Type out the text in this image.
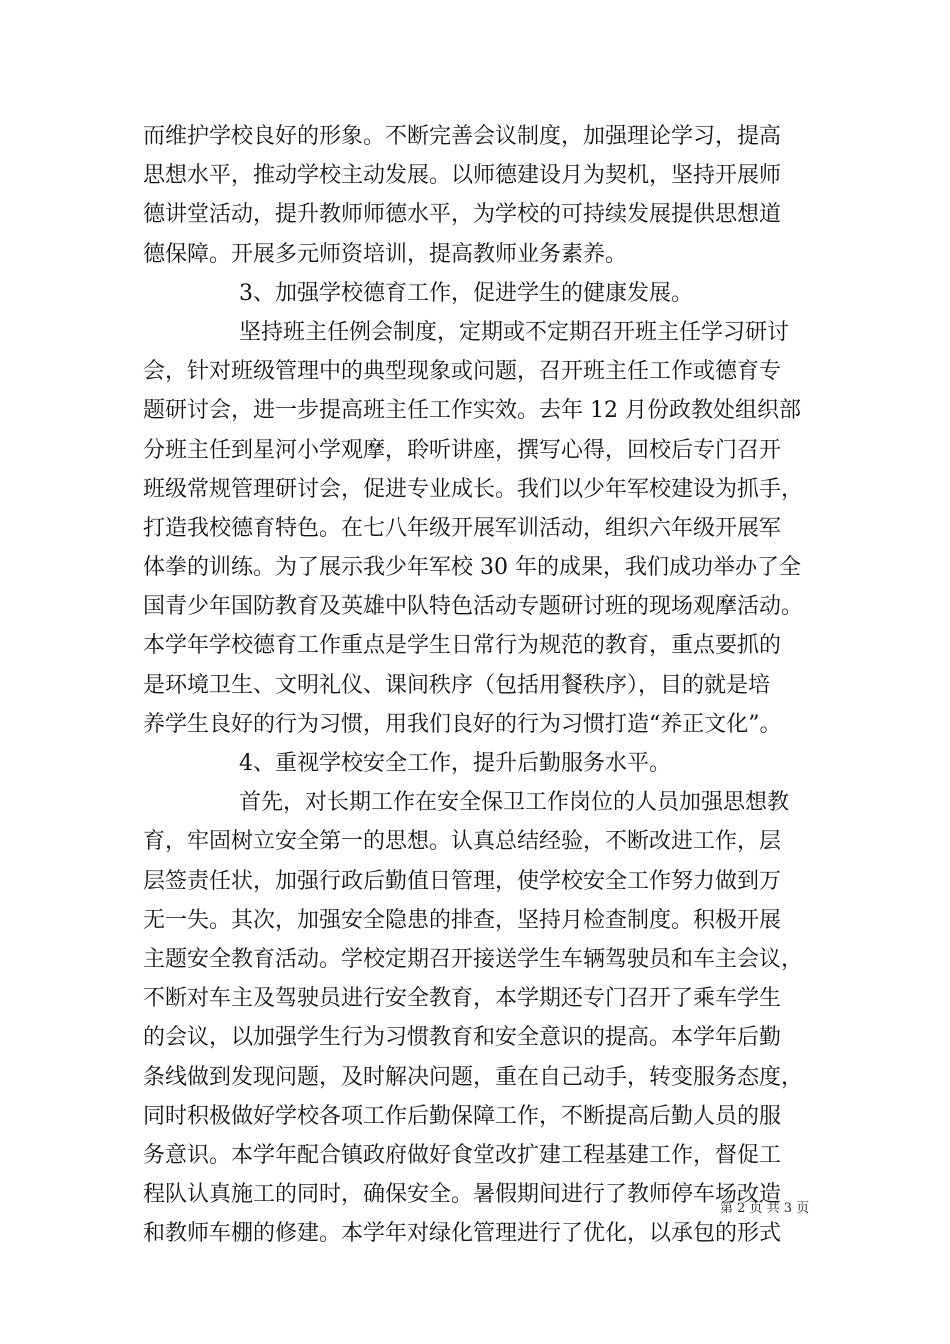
而维护学校良好的形象。不断完善会议制度，加强理论学习，提高
思想水平，推动学校主动发展。以师德建设月为契机，坚持开展师
德讲堂活动，提升教师师德水平，为学校的可持续发展提供思想道
德保障。开展多元师资培训，提高教师业务素养。
3、加强学校德育工作，促进学生的健康发展。
坚持班主任例会制度，定期或不定期召开班主任学习研讨
会，针对班级管理中的典型现象或问题，召开班主任工作或德育专
题研讨会，进一步提高班主任工作实效。去年 12 月份政教处组织部
分班主任到星河小学观摩，聆听讲座，撰写心得，回校后专门召开
班级常规管理研讨会，促进专业成长。我们以少年军校建设为抓手，
打造我校德育特色。在七八年级开展军训活动，组织六年级开展军
体拳的训练。为了展示我少年军校 30 年的成果，我们成功举办了全
国青少年国防教育及英雄中队特色活动专题研讨班的现场观摩活动。
本学年学校德育工作重点是学生日常行为规范的教育，重点要抓的
是环境卫生、文明礼仪、课间秩序（包括用餐秩序），目的就是培
养学生良好的行为习惯，用我们良好的行为习惯打造“养正文化”。
4、重视学校安全工作，提升后勤服务水平。
首先，对长期工作在安全保卫工作岗位的人员加强思想教
育，牢固树立安全第一的思想。认真总结经验，不断改进工作，层
层签责任状，加强行政后勤值日管理，使学校安全工作努力做到万
无一失。其次，加强安全隐患的排查，坚持月检查制度。积极开展
主题安全教育活动。学校定期召开接送学生车辆驾驶员和车主会议，
不断对车主及驾驶员进行安全教育，本学期还专门召开了乘车学生
的会议，以加强学生行为习惯教育和安全意识的提高。本学年后勤
条线做到发现问题，及时解决问题，重在自己动手，转变服务态度，
同时积极做好学校各项工作后勤保障工作，不断提高后勤人员的服
务意识。本学年配合镇政府做好食堂改扩建工程基建工作，督促工
程队认真施工的同时，确保安全。暑假期间进行了教师停车场改造
和教师车棚的修建。本学年对绿化管理进行了优化，以承包的形式
第 2 页 共 3 页
